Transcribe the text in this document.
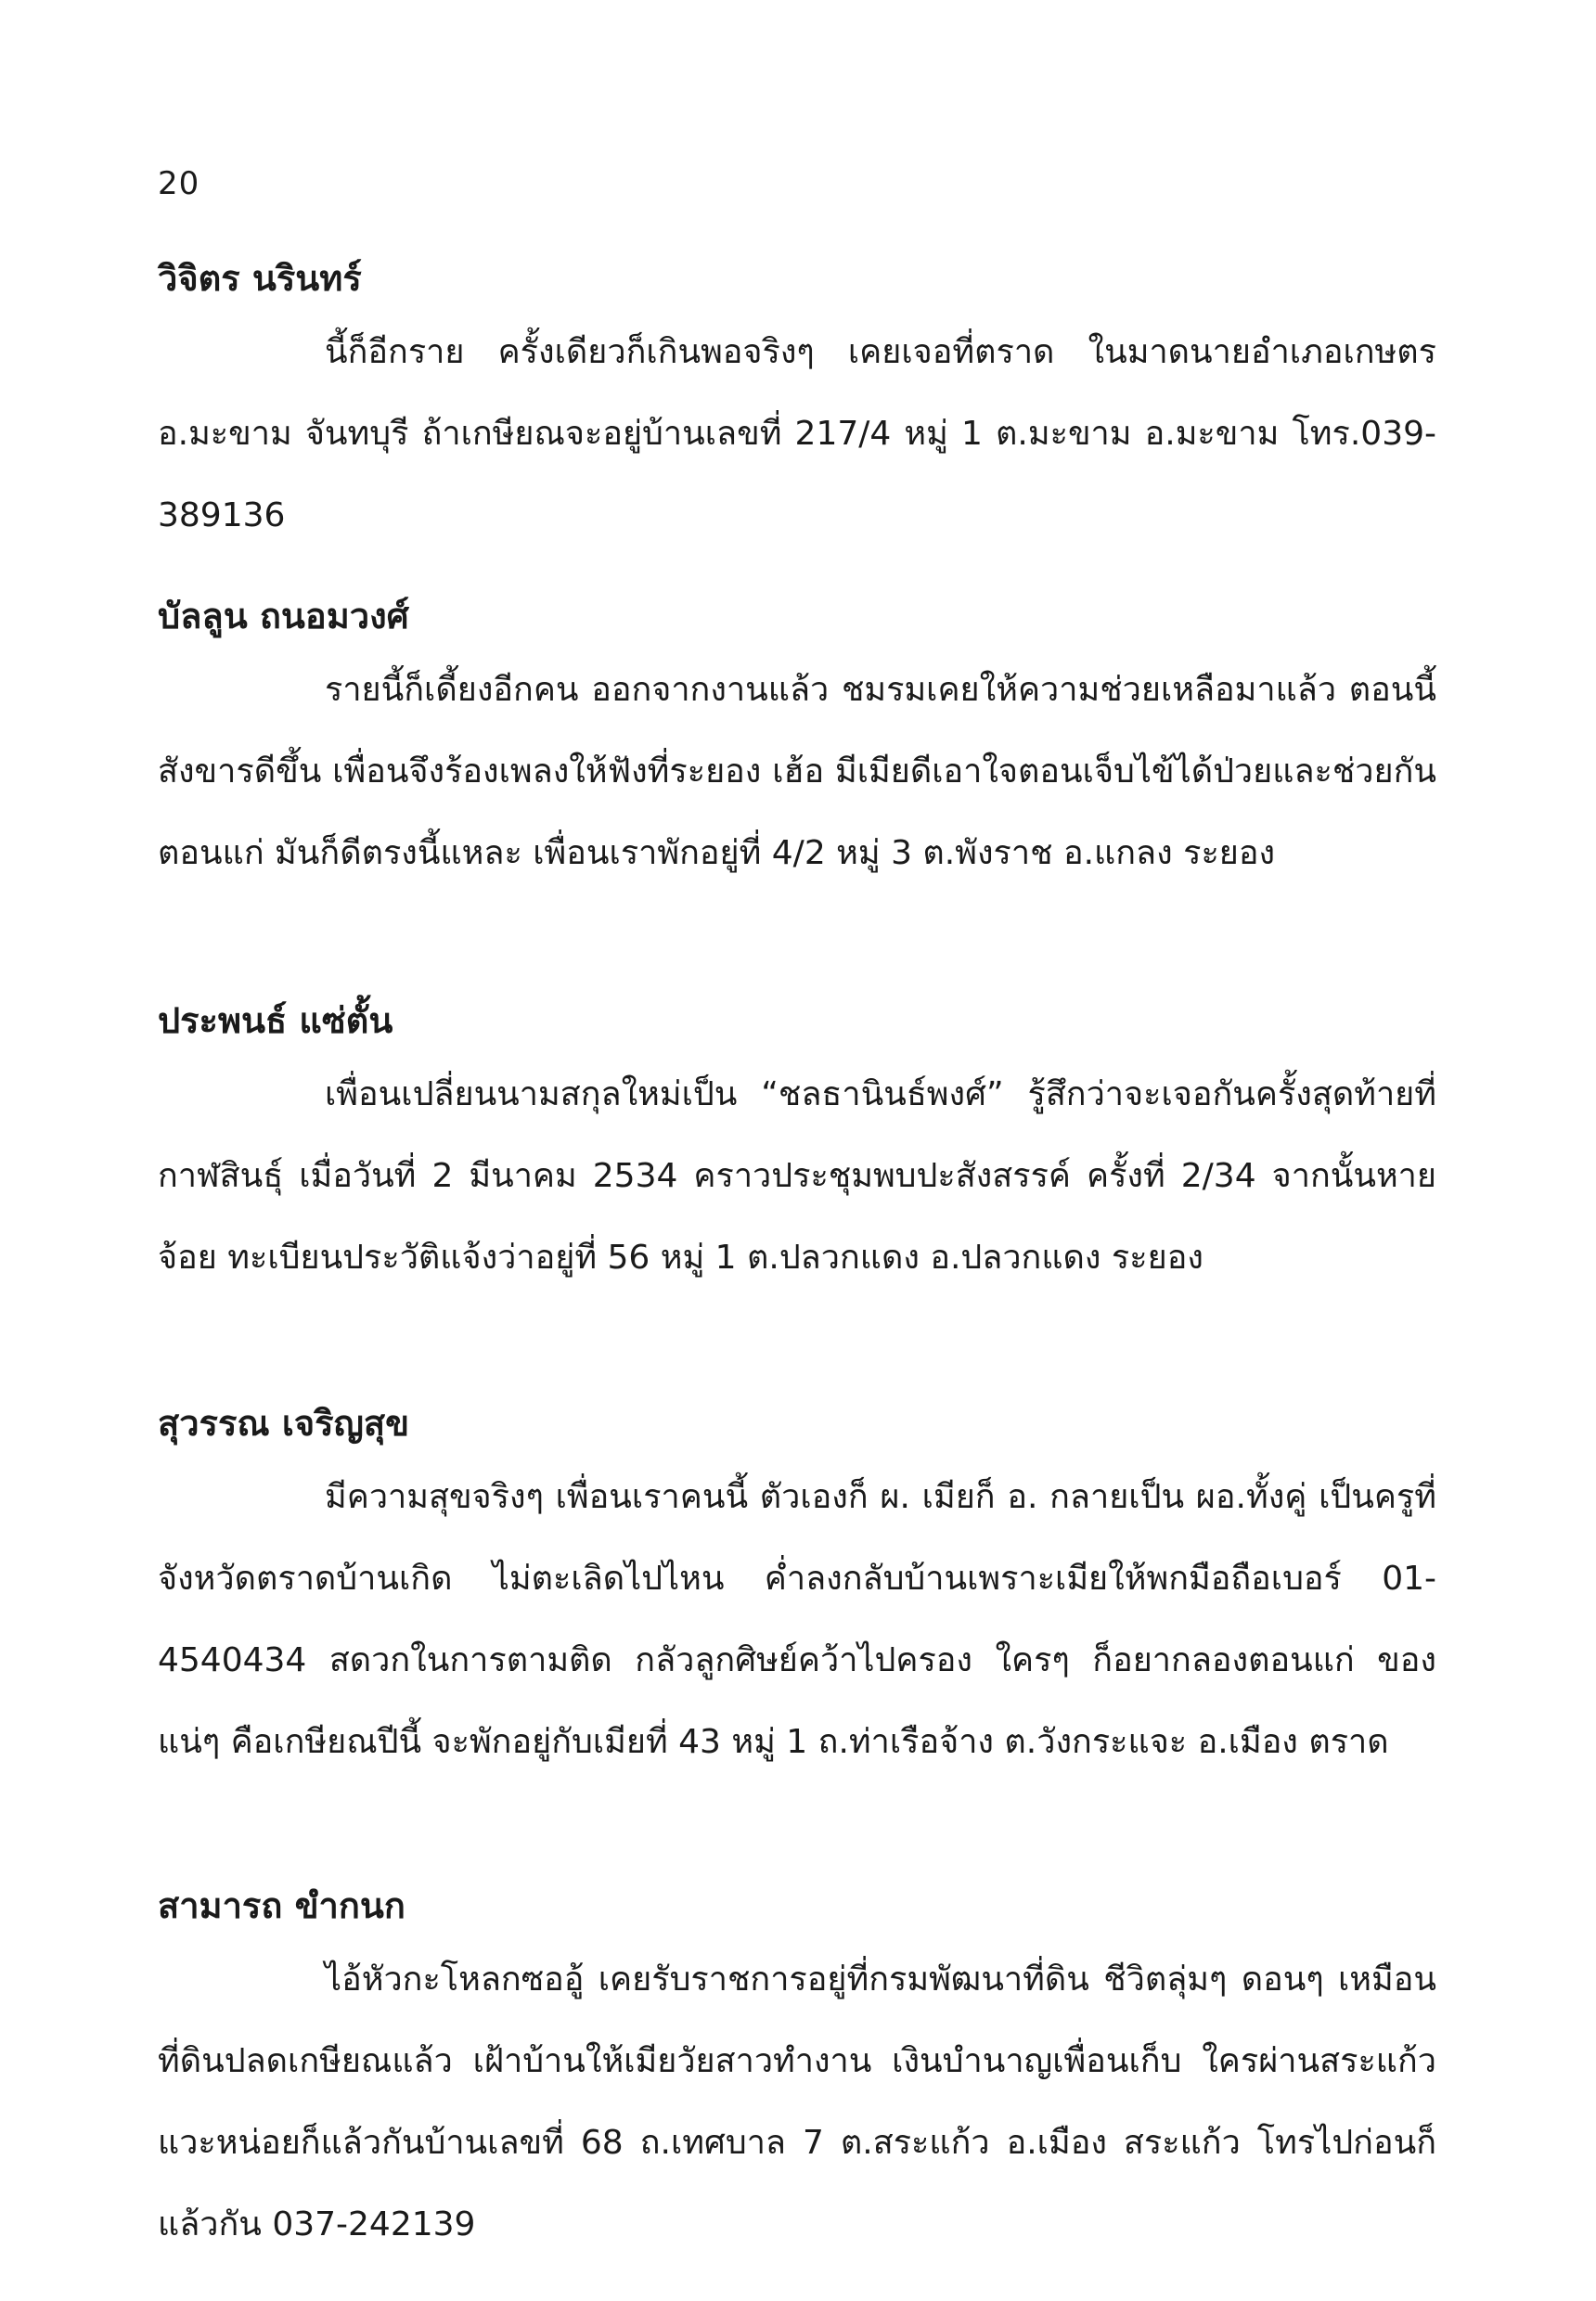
20
วิจิตร นรินทร์

นี้ก็อีกราย ครั้งเดียวก็เกินพอจริงๆ เคยเจอที่ตราด ในมาดนายอำเภอเกษตร อ.มะขาม จันทบุรี ถ้าเกษียณจะอยู่บ้านเลขที่ 217/4 หมู่ 1 ต.มะขาม อ.มะขาม โทร.039-389136

บัลลูน ถนอมวงศ์

รายนี้ก็เดี้ยงอีกคน ออกจากงานแล้ว ชมรมเคยให้ความช่วยเหลือมาแล้ว ตอนนี้สังขารดีขึ้น เพื่อนจึงร้องเพลงให้ฟังที่ระยอง เฮ้อ มีเมียดีเอาใจตอนเจ็บไข้ได้ป่วยและช่วยกันตอนแก่ มันก็ดีตรงนี้แหละ เพื่อนเราพักอยู่ที่ 4/2 หมู่ 3 ต.พังราช อ.แกลง ระยอง

ประพนธ์ แซ่ตั้น

เพื่อนเปลี่ยนนามสกุลใหม่เป็น “ชลธานินธ์พงศ์” รู้สึกว่าจะเจอกันครั้งสุดท้ายที่กาฬสินธุ์ เมื่อวันที่ 2 มีนาคม 2534 คราวประชุมพบปะสังสรรค์ ครั้งที่ 2/34 จากนั้นหายจ้อย ทะเบียนประวัติแจ้งว่าอยู่ที่ 56 หมู่ 1 ต.ปลวกแดง อ.ปลวกแดง ระยอง

สุวรรณ เจริญสุข

มีความสุขจริงๆ เพื่อนเราคนนี้ ตัวเองก็ ผ. เมียก็ อ. กลายเป็น ผอ.ทั้งคู่ เป็นครูที่จังหวัดตราดบ้านเกิด ไม่ตะเลิดไปไหน ค่ำลงกลับบ้านเพราะเมียให้พกมือถือเบอร์ 01-4540434 สดวกในการตามติด กลัวลูกศิษย์คว้าไปครอง ใครๆ ก็อยากลองตอนแก่ ของแน่ๆ คือเกษียณปีนี้ จะพักอยู่กับเมียที่ 43 หมู่ 1 ถ.ท่าเรือจ้าง ต.วังกระแจะ อ.เมือง ตราด

สามารถ ขำกนก

ไอ้หัวกะโหลกซออู้ เคยรับราชการอยู่ที่กรมพัฒนาที่ดิน ชีวิตลุ่มๆ ดอนๆ เหมือนที่ดินปลดเกษียณแล้ว เฝ้าบ้านให้เมียวัยสาวทำงาน เงินบำนาญเพื่อนเก็บ ใครผ่านสระแก้ว แวะหน่อยก็แล้วกันบ้านเลขที่ 68 ถ.เทศบาล 7 ต.สระแก้ว อ.เมือง สระแก้ว โทรไปก่อนก็แล้วกัน 037-242139
